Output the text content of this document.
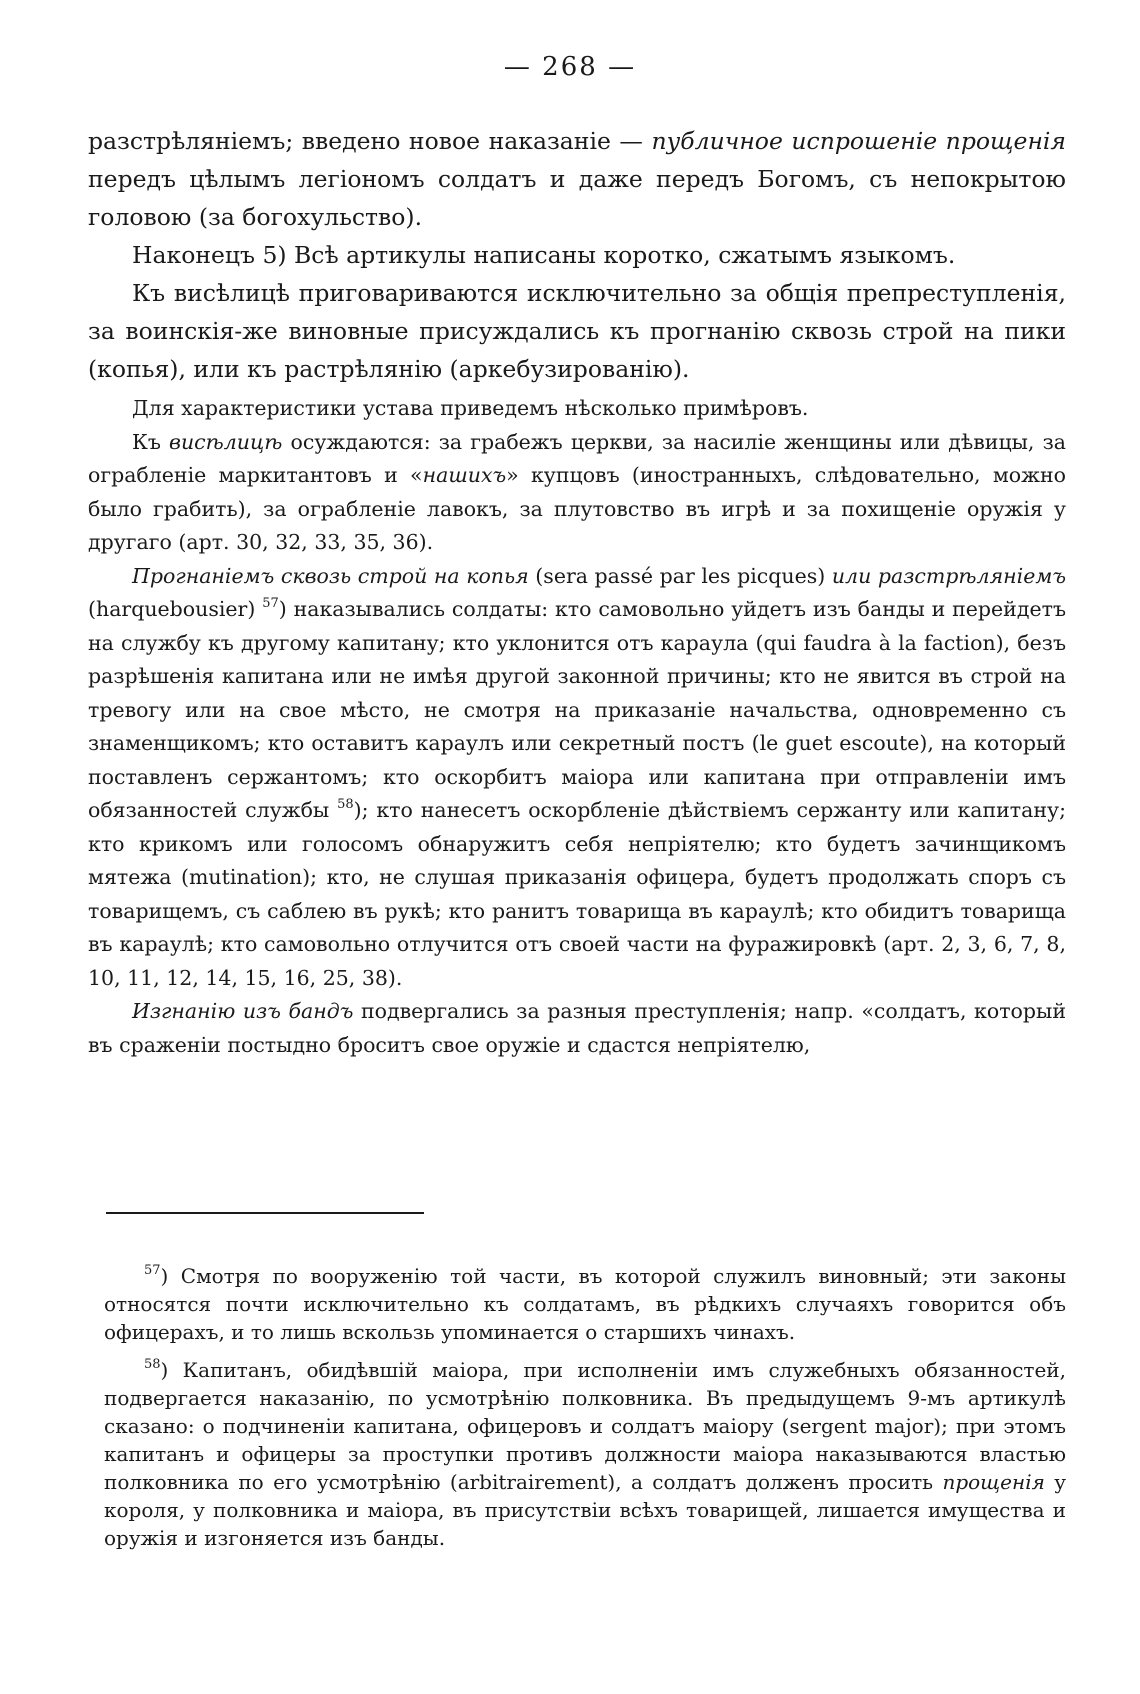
— 268 —

разстрѣляніемъ; введено новое наказаніе — публичное испрошеніе прощенія передъ цѣлымъ легіономъ солдатъ и даже передъ Богомъ, съ непокрытою головою (за богохульство).

Наконецъ 5) Всѣ артикулы написаны коротко, сжатымъ языкомъ.

Къ висѣлицѣ приговариваются исключительно за общія препреступленія, за воинскія-же виновные присуждались къ прогнанію сквозь строй на пики (копья), или къ растрѣлянію (аркебузированію).

Для характеристики устава приведемъ нѣсколько примѣровъ.

Къ висѣлицѣ осуждаются: за грабежъ церкви, за насиліе женщины или дѣвицы, за ограбленіе маркитантовъ и «нашихъ» купцовъ (иностранныхъ, слѣдовательно, можно было грабить), за ограбленіе лавокъ, за плутовство въ игрѣ и за похищеніе оружія у другаго (арт. 30, 32, 33, 35, 36).

Прогнаніемъ сквозь строй на копья (sera passé par les picques) или разстрѣляніемъ (harquebousier) $^{57}$) наказывались солдаты: кто самовольно уйдетъ изъ банды и перейдетъ на службу къ другому капитану; кто уклонится отъ караула (qui faudra à la faction), безъ разрѣшенія капитана или не имѣя другой законной причины; кто не явится въ строй на тревогу или на свое мѣсто, не смотря на приказаніе начальства, одновременно съ знаменщикомъ; кто оставитъ караулъ или секретный постъ (le guet escoute), на который поставленъ сержантомъ; кто оскорбитъ маіора или капитана при отправленіи имъ обязанностей службы $^{58}$); кто нанесетъ оскорбленіе дѣйствіемъ сержанту или капитану; кто крикомъ или голосомъ обнаружитъ себя непріятелю; кто будетъ зачинщикомъ мятежа (mutination); кто, не слушая приказанія офицера, будетъ продолжать споръ съ товарищемъ, съ саблею въ рукѣ; кто ранитъ товарища въ караулѣ; кто обидитъ товарища въ караулѣ; кто самовольно отлучится отъ своей части на фуражировкѣ (арт. 2, 3, 6, 7, 8, 10, 11, 12, 14, 15, 16, 25, 38).

Изгнанію изъ бандъ подвергались за разныя преступленія; напр. «солдатъ, который въ сраженіи постыдно броситъ свое оружіе и сдастся непріятелю,

$^{57}$) Смотря по вооруженію той части, въ которой служилъ виновный; эти законы относятся почти исключительно къ солдатамъ, въ рѣдкихъ случаяхъ говорится объ офицерахъ, и то лишь вскользь упоминается о старшихъ чинахъ.

$^{58}$) Капитанъ, обидѣвшій маіора, при исполненіи имъ служебныхъ обязанностей, подвергается наказанію, по усмотрѣнію полковника. Въ предыдущемъ 9-мъ артикулѣ сказано: о подчиненіи капитана, офицеровъ и солдатъ маіору (sergent major); при этомъ капитанъ и офицеры за проступки противъ должности маіора наказываются властью полковника по его усмотрѣнію (arbitrairement), а солдатъ долженъ просить прощенія у короля, у полковника и маіора, въ присутствіи всѣхъ товарищей, лишается имущества и оружія и изгоняется изъ банды.
